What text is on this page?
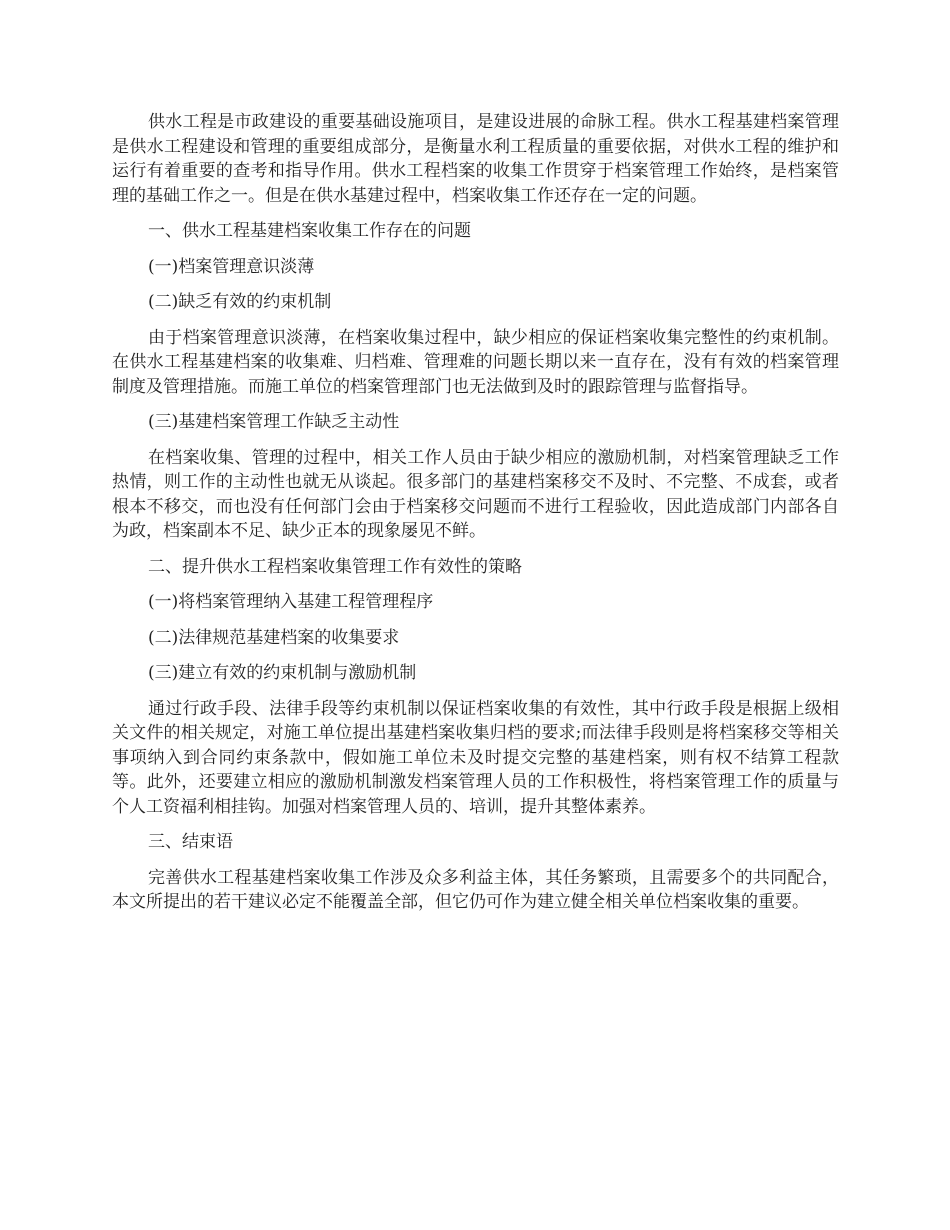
供水工程是市政建设的重要基础设施项目，是建设进展的命脉工程。供水工程基建档案管理是供水工程建设和管理的重要组成部分，是衡量水利工程质量的重要依据，对供水工程的维护和运行有着重要的查考和指导作用。供水工程档案的收集工作贯穿于档案管理工作始终，是档案管理的基础工作之一。但是在供水基建过程中，档案收集工作还存在一定的问题。

一、供水工程基建档案收集工作存在的问题

(一)档案管理意识淡薄

(二)缺乏有效的约束机制

由于档案管理意识淡薄，在档案收集过程中，缺少相应的保证档案收集完整性的约束机制。在供水工程基建档案的收集难、归档难、管理难的问题长期以来一直存在，没有有效的档案管理制度及管理措施。而施工单位的档案管理部门也无法做到及时的跟踪管理与监督指导。

(三)基建档案管理工作缺乏主动性

在档案收集、管理的过程中，相关工作人员由于缺少相应的激励机制，对档案管理缺乏工作热情，则工作的主动性也就无从谈起。很多部门的基建档案移交不及时、不完整、不成套，或者根本不移交，而也没有任何部门会由于档案移交问题而不进行工程验收，因此造成部门内部各自为政，档案副本不足、缺少正本的现象屡见不鲜。

二、提升供水工程档案收集管理工作有效性的策略

(一)将档案管理纳入基建工程管理程序

(二)法律规范基建档案的收集要求

(三)建立有效的约束机制与激励机制

通过行政手段、法律手段等约束机制以保证档案收集的有效性，其中行政手段是根据上级相关文件的相关规定，对施工单位提出基建档案收集归档的要求;而法律手段则是将档案移交等相关事项纳入到合同约束条款中，假如施工单位未及时提交完整的基建档案，则有权不结算工程款等。此外，还要建立相应的激励机制激发档案管理人员的工作积极性，将档案管理工作的质量与个人工资福利相挂钩。加强对档案管理人员的、培训，提升其整体素养。

三、结束语

完善供水工程基建档案收集工作涉及众多利益主体，其任务繁琐，且需要多个的共同配合，本文所提出的若干建议必定不能覆盖全部，但它仍可作为建立健全相关单位档案收集的重要。
